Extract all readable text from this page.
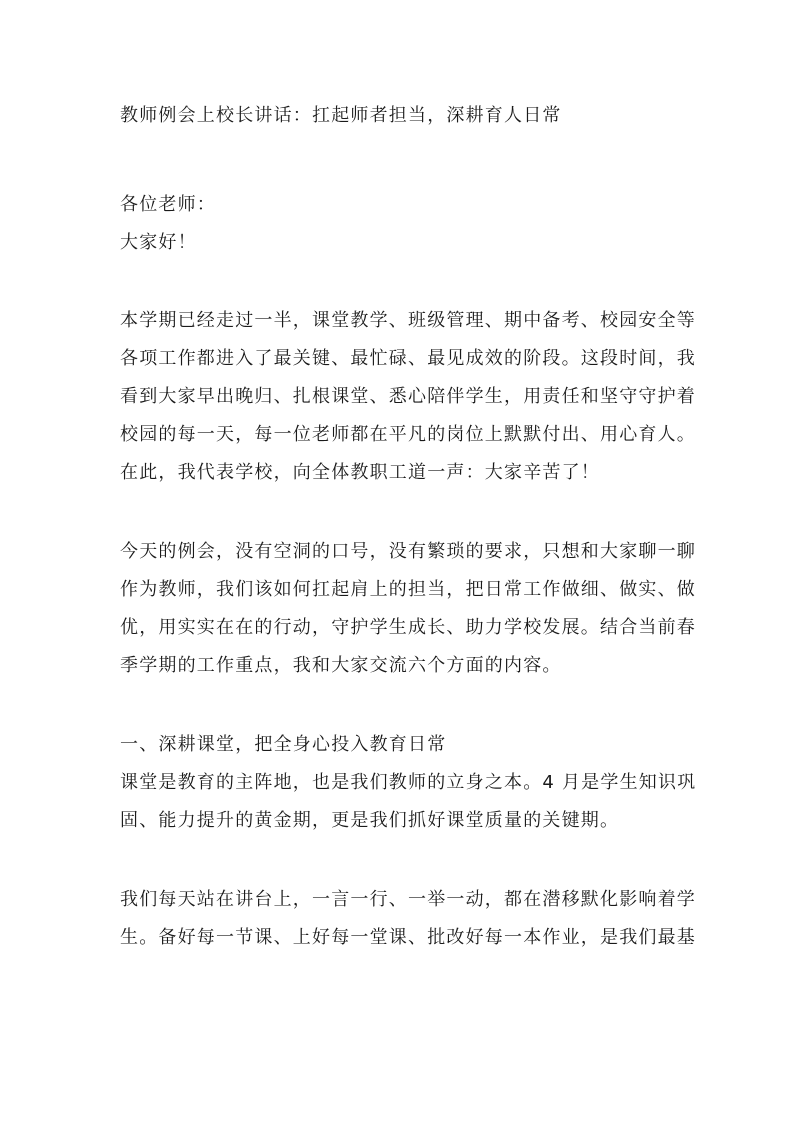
教师例会上校长讲话：扛起师者担当，深耕育人日常
各位老师：
大家好！
本学期已经走过一半，课堂教学、班级管理、期中备考、校园安全等
各项工作都进入了最关键、最忙碌、最见成效的阶段。这段时间，我
看到大家早出晚归、扎根课堂、悉心陪伴学生，用责任和坚守守护着
校园的每一天，每一位老师都在平凡的岗位上默默付出、用心育人。
在此，我代表学校，向全体教职工道一声：大家辛苦了！
今天的例会，没有空洞的口号，没有繁琐的要求，只想和大家聊一聊
作为教师，我们该如何扛起肩上的担当，把日常工作做细、做实、做
优，用实实在在的行动，守护学生成长、助力学校发展。结合当前春
季学期的工作重点，我和大家交流六个方面的内容。
一、深耕课堂，把全身心投入教育日常
课堂是教育的主阵地，也是我们教师的立身之本。4 月是学生知识巩
固、能力提升的黄金期，更是我们抓好课堂质量的关键期。
我们每天站在讲台上，一言一行、一举一动，都在潜移默化影响着学
生。备好每一节课、上好每一堂课、批改好每一本作业，是我们最基
